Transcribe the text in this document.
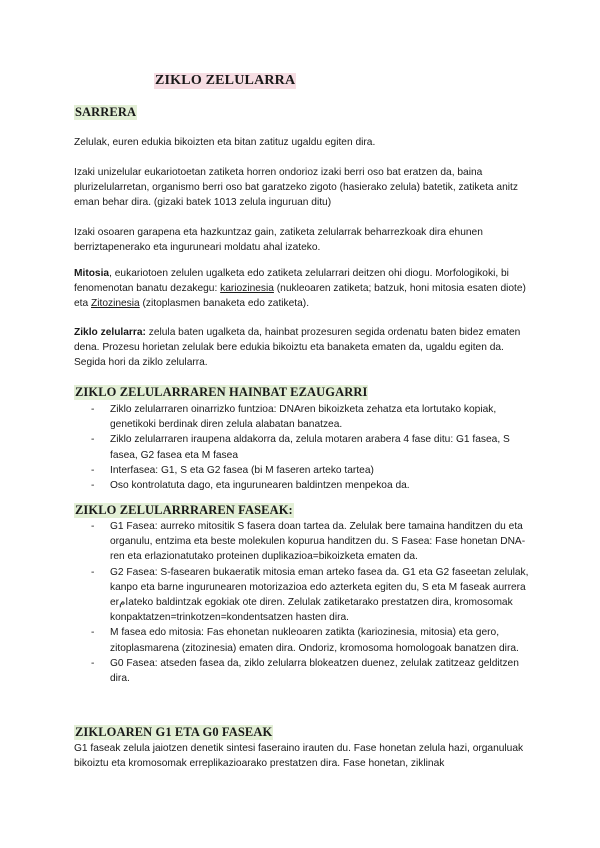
ZIKLO ZELULARRA
SARRERA
Zelulak, euren edukia bikoizten eta bitan zatituz ugaldu egiten dira.
Izaki unizelular eukariotoetan zatiketa horren ondorioz izaki berri oso bat eratzen da, baina plurizelularretan, organismo berri oso bat garatzeko zigoto (hasierako zelula) batetik, zatiketa anitz eman behar dira. (gizaki batek 1013 zelula inguruan ditu)
Izaki osoaren garapena eta hazkuntzaz gain, zatiketa zelularrak beharrezkoak dira ehunen berriztapenerako eta inguruneari moldatu ahal izateko.
Mitosia, eukariotoen zelulen ugalketa edo zatiketa zelularrari deitzen ohi diogu. Morfologikoki, bi fenomenotan banatu dezakegu: kariozinesia (nukleoaren zatiketa; batzuk, honi mitosia esaten diote) eta Zitozinesia (zitoplasmen banaketa edo zatiketa).
Ziklo zelularra: zelula baten ugalketa da, hainbat prozesuren segida ordenatu baten bidez ematen dena. Prozesu horietan zelulak bere edukia bikoiztu eta banaketa ematen da, ugaldu egiten da. Segida hori da ziklo zelularra.
ZIKLO ZELULARRAREN HAINBAT EZAUGARRI
- Ziklo zelularraren oinarrizko funtzioa: DNAren bikoizketa zehatza eta lortutako kopiak, genetikoki berdinak diren zelula alabatan banatzea.
- Ziklo zelularraren iraupena aldakorra da, zelula motaren arabera 4 fase ditu: G1 fasea, S fasea, G2 fasea eta M fasea
- Interfasea: G1, S eta G2 fasea (bi M faseren arteko tartea)
- Oso kontrolatuta dago, eta ingurunearen baldintzen menpekoa da.
ZIKLO ZELULARRRAREN FASEAK:
- G1 Fasea: aurreko mitositik S fasera doan tartea da. Zelulak bere tamaina handitzen du eta organulu, entzima eta beste molekulen kopurua handitzen du. S Fasea: Fase honetan DNA-ren eta erlazionatutako proteinen duplikazioa=bikoizketa ematen da.
- G2 Fasea: S-fasearen bukaeratik mitosia eman arteko fasea da. G1 eta G2 faseetan zelulak, kanpo eta barne ingurunearen motorizazioa edo azterketa egiten du, S eta M faseak aurrera erامateko baldintzak egokiak ote diren. Zelulak zatiketarako prestatzen dira, kromosomak konpaktatzen=trinkotzen=kondentsatzen hasten dira.
- M fasea edo mitosia: Fas ehonetan nukleoaren zatikta (kariozinesia, mitosia) eta gero, zitoplasmarena (zitozinesia) ematen dira. Ondoriz, kromosoma homologoak banatzen dira.
- G0 Fasea: atseden fasea da, ziklo zelularra blokeatzen duenez, zelulak zatitzeaz gelditzen dira.
ZIKLOAREN G1 ETA G0 FASEAK
G1 faseak zelula jaiotzen denetik sintesi faseraino irauten du. Fase honetan zelula hazi, organuluak bikoiztu eta kromosomak erreplikazioarako prestatzen dira. Fase honetan, ziklinak
